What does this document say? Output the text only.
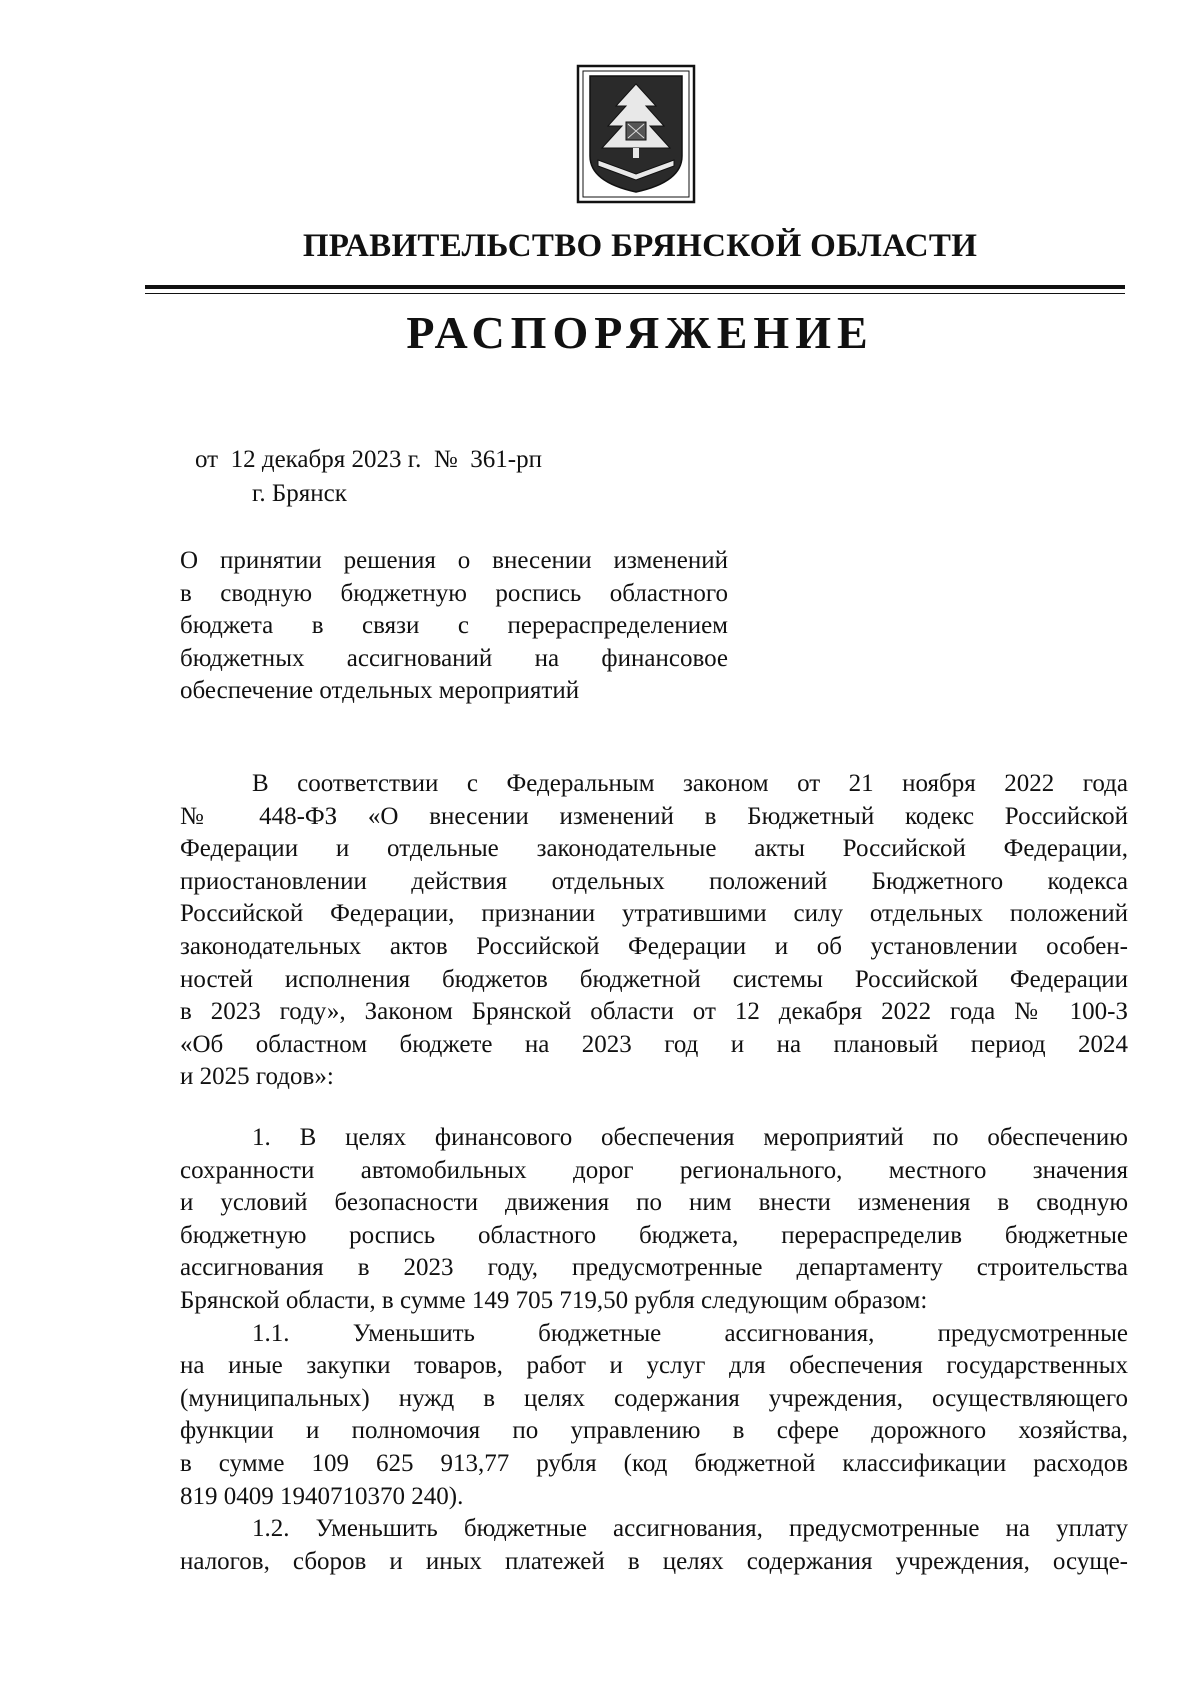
ПРАВИТЕЛЬСТВО БРЯНСКОЙ ОБЛАСТИ
РАСПОРЯЖЕНИЕ
от  12 декабря 2023 г.  №  361-рп
г. Брянск
О принятии решения о внесении изменений
в сводную бюджетную роспись областного
бюджета в связи с перераспределением
бюджетных ассигнований на финансовое
обеспечение отдельных мероприятий
В соответствии с Федеральным законом от 21 ноября 2022 года
№ 448-ФЗ «О внесении изменений в Бюджетный кодекс Российской
Федерации и отдельные законодательные акты Российской Федерации,
приостановлении действия отдельных положений Бюджетного кодекса
Российской Федерации, признании утратившими силу отдельных положений
законодательных актов Российской Федерации и об установлении особен-
ностей исполнения бюджетов бюджетной системы Российской Федерации
в 2023 году», Законом Брянской области от 12 декабря 2022 года № 100-З
«Об областном бюджете на 2023 год и на плановый период 2024
и 2025 годов»:
1. В целях финансового обеспечения мероприятий по обеспечению
сохранности автомобильных дорог регионального, местного значения
и условий безопасности движения по ним внести изменения в сводную
бюджетную роспись областного бюджета, перераспределив бюджетные
ассигнования в 2023 году, предусмотренные департаменту строительства
Брянской области, в сумме 149 705 719,50 рубля следующим образом:
1.1. Уменьшить бюджетные ассигнования, предусмотренные
на иные закупки товаров, работ и услуг для обеспечения государственных
(муниципальных) нужд в целях содержания учреждения, осуществляющего
функции и полномочия по управлению в сфере дорожного хозяйства,
в сумме 109 625 913,77 рубля (код бюджетной классификации расходов
819 0409 1940710370 240).
1.2. Уменьшить бюджетные ассигнования, предусмотренные на уплату
налогов, сборов и иных платежей в целях содержания учреждения, осуще-
